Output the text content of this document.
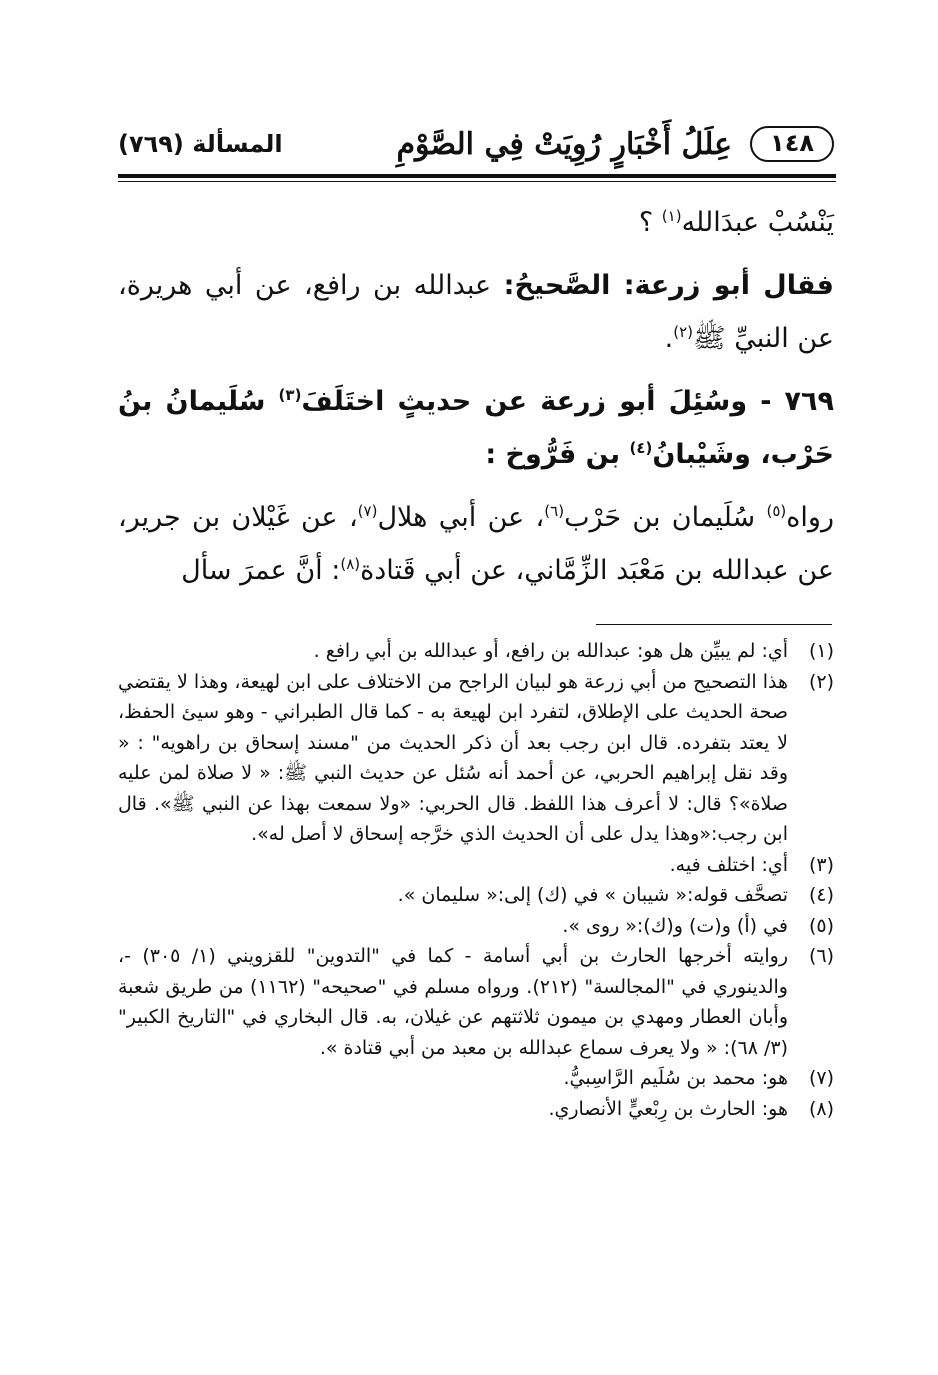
١٤٨
عِلَلُ أَخْبَارٍ رُوِيَتْ فِي الصَّوْمِ
المسألة (٧٦٩)

يَنْسُبْ عبدَالله$^{(١)}$ ؟

فقال أبو زرعة: الصَّحيحُ: عبدالله بن رافع، عن أبي هريرة، عن النبيِّ ﷺ$^{(٢)}$.

٧٦٩ - وسُئِلَ أبو زرعة عن حديثٍ اختَلَفَ$^{(٣)}$ سُلَيمانُ بنُ حَرْب، وشَيْبانُ$^{(٤)}$ بن فَرُّوخ :

رواه$^{(٥)}$ سُلَيمان بن حَرْب$^{(٦)}$، عن أبي هلال$^{(٧)}$، عن غَيْلان بن جرير، عن عبدالله بن مَعْبَد الزِّمَّاني، عن أبي قَتادة$^{(٨)}$: أنَّ عمرَ سأل

(١)
أي: لم يبيِّن هل هو: عبدالله بن رافع، أو عبدالله بن أبي رافع .
(٢)
هذا التصحيح من أبي زرعة هو لبيان الراجح من الاختلاف على ابن لهيعة، وهذا لا يقتضي صحة الحديث على الإطلاق، لتفرد ابن لهيعة به - كما قال الطبراني - وهو سيئ الحفظ، لا يعتد بتفرده. قال ابن رجب بعد أن ذكر الحديث من "مسند إسحاق بن راهويه" : « وقد نقل إبراهيم الحربي، عن أحمد أنه سُئل عن حديث النبي ﷺ: « لا صلاة لمن عليه صلاة»؟ قال: لا أعرف هذا اللفظ. قال الحربي: «ولا سمعت بهذا عن النبي ﷺ». قال ابن رجب:«وهذا يدل على أن الحديث الذي خرَّجه إسحاق لا أصل له».
(٣)
أي: اختلف فيه.
(٤)
تصحَّف قوله:« شيبان » في (ك) إلى:« سليمان ».
(٥)
في (أ) و(ت) و(ك):« روى ».
(٦)
روايته أخرجها الحارث بن أبي أسامة - كما في "التدوين" للقزويني (١/ ٣٠٥) -، والدينوري في "المجالسة" (٢١٢). ورواه مسلم في "صحيحه" (١١٦٢) من طريق شعبة وأبان العطار ومهدي بن ميمون ثلاثتهم عن غيلان، به. قال البخاري في "التاريخ الكبير" (٣/ ٦٨): « ولا يعرف سماع عبدالله بن معبد من أبي قتادة ».
(٧)
هو: محمد بن سُلَيم الرَّاسِبيُّ.
(٨)
هو: الحارث بن رِبْعيٍّ الأنصاري.
